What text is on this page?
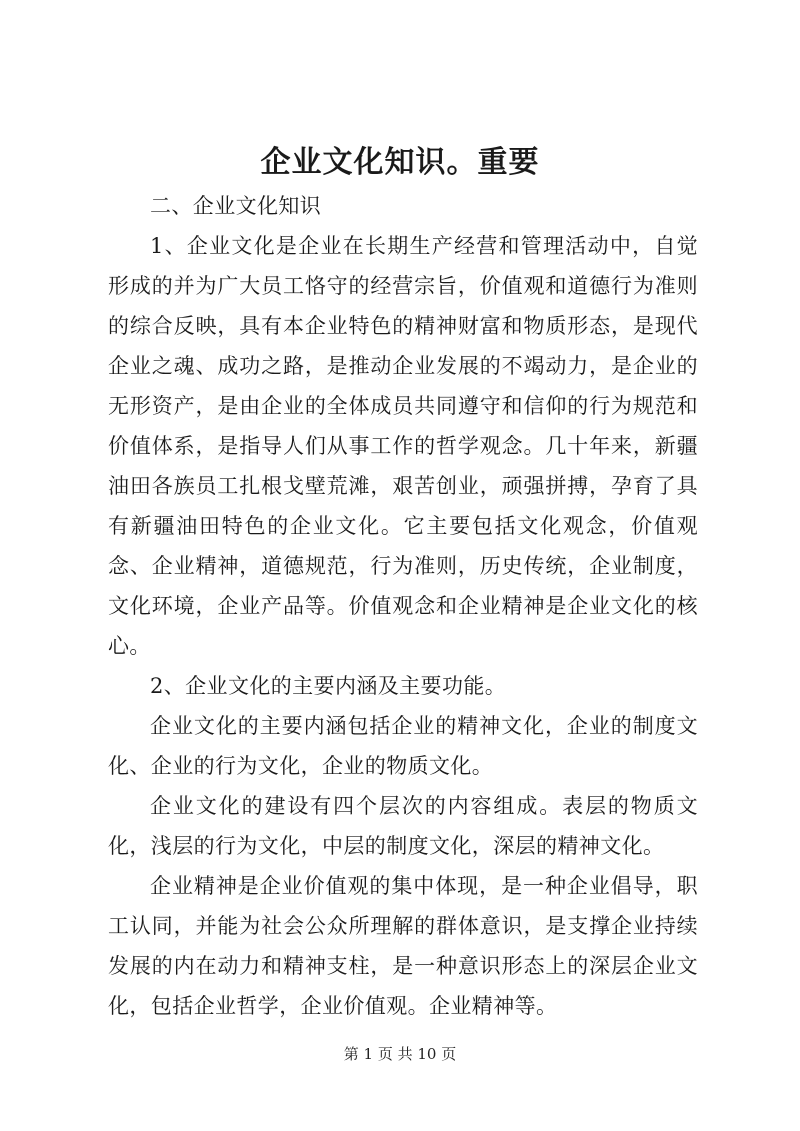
企业文化知识。重要

二、企业文化知识

1、企业文化是企业在长期生产经营和管理活动中，自觉形成的并为广大员工恪守的经营宗旨，价值观和道德行为准则的综合反映，具有本企业特色的精神财富和物质形态，是现代企业之魂、成功之路，是推动企业发展的不竭动力，是企业的无形资产，是由企业的全体成员共同遵守和信仰的行为规范和价值体系，是指导人们从事工作的哲学观念。几十年来，新疆油田各族员工扎根戈壁荒滩，艰苦创业，顽强拼搏，孕育了具有新疆油田特色的企业文化。它主要包括文化观念，价值观念、企业精神，道德规范，行为准则，历史传统，企业制度，文化环境，企业产品等。价值观念和企业精神是企业文化的核心。

2、企业文化的主要内涵及主要功能。

企业文化的主要内涵包括企业的精神文化，企业的制度文化、企业的行为文化，企业的物质文化。

企业文化的建设有四个层次的内容组成。表层的物质文化，浅层的行为文化，中层的制度文化，深层的精神文化。

企业精神是企业价值观的集中体现，是一种企业倡导，职工认同，并能为社会公众所理解的群体意识，是支撑企业持续发展的内在动力和精神支柱，是一种意识形态上的深层企业文化，包括企业哲学，企业价值观。企业精神等。

第 1 页 共 10 页
